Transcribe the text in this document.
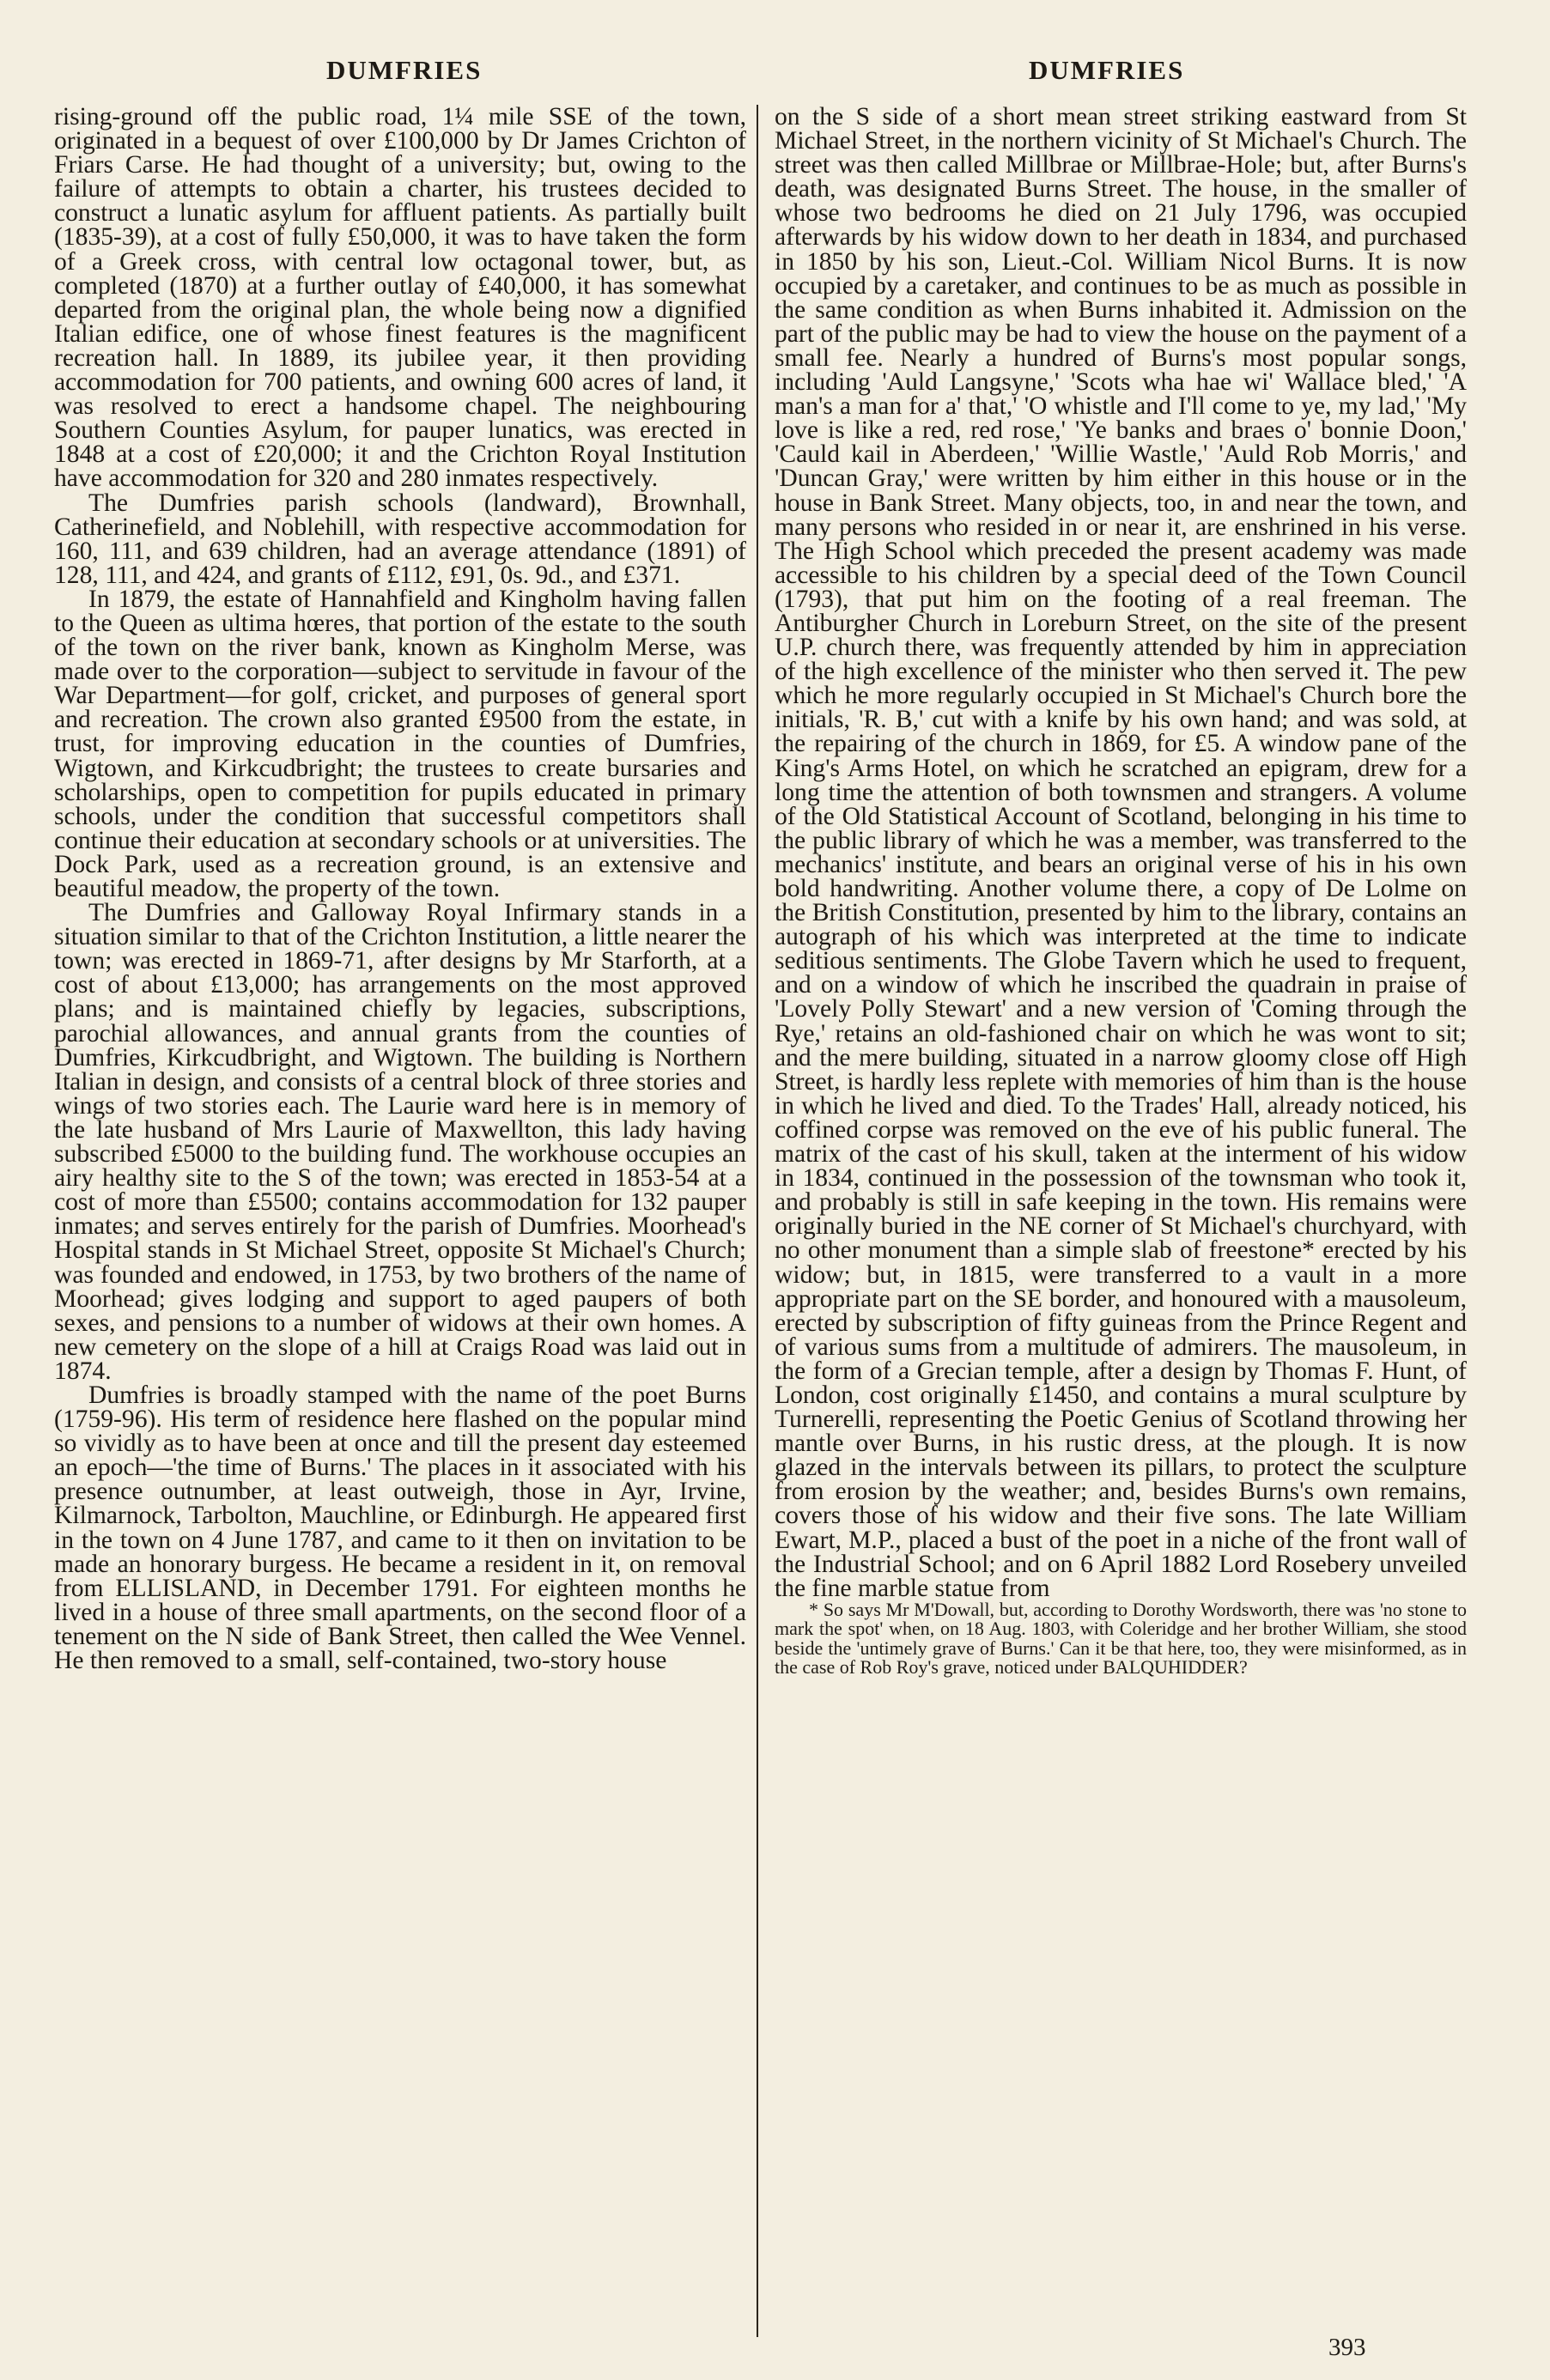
DUMFRIES	DUMFRIES

rising-ground off the public road, 1¼ mile SSE of the town, originated in a bequest of over £100,000 by Dr James Crichton of Friars Carse. He had thought of a university; but, owing to the failure of attempts to obtain a charter, his trustees decided to construct a lunatic asylum for affluent patients. As partially built (1835-39), at a cost of fully £50,000, it was to have taken the form of a Greek cross, with central low octagonal tower, but, as completed (1870) at a further outlay of £40,000, it has somewhat departed from the original plan, the whole being now a dignified Italian edifice, one of whose finest features is the magnificent recreation hall. In 1889, its jubilee year, it then providing accommodation for 700 patients, and owning 600 acres of land, it was resolved to erect a handsome chapel. The neighbouring Southern Counties Asylum, for pauper lunatics, was erected in 1848 at a cost of £20,000; it and the Crichton Royal Institution have accommodation for 320 and 280 inmates respectively.

The Dumfries parish schools (landward), Brownhall, Catherinefield, and Noblehill, with respective accommodation for 160, 111, and 639 children, had an average attendance (1891) of 128, 111, and 424, and grants of £112, £91, 0s. 9d., and £371.

In 1879, the estate of Hannahfield and Kingholm having fallen to the Queen as ultima hœres, that portion of the estate to the south of the town on the river bank, known as Kingholm Merse, was made over to the corporation—subject to servitude in favour of the War Department—for golf, cricket, and purposes of general sport and recreation. The crown also granted £9500 from the estate, in trust, for improving education in the counties of Dumfries, Wigtown, and Kirkcudbright; the trustees to create bursaries and scholarships, open to competition for pupils educated in primary schools, under the condition that successful competitors shall continue their education at secondary schools or at universities. The Dock Park, used as a recreation ground, is an extensive and beautiful meadow, the property of the town.

The Dumfries and Galloway Royal Infirmary stands in a situation similar to that of the Crichton Institution, a little nearer the town; was erected in 1869-71, after designs by Mr Starforth, at a cost of about £13,000; has arrangements on the most approved plans; and is maintained chiefly by legacies, subscriptions, parochial allowances, and annual grants from the counties of Dumfries, Kirkcudbright, and Wigtown. The building is Northern Italian in design, and consists of a central block of three stories and wings of two stories each. The Laurie ward here is in memory of the late husband of Mrs Laurie of Maxwellton, this lady having subscribed £5000 to the building fund. The workhouse occupies an airy healthy site to the S of the town; was erected in 1853-54 at a cost of more than £5500; contains accommodation for 132 pauper inmates; and serves entirely for the parish of Dumfries. Moorhead's Hospital stands in St Michael Street, opposite St Michael's Church; was founded and endowed, in 1753, by two brothers of the name of Moorhead; gives lodging and support to aged paupers of both sexes, and pensions to a number of widows at their own homes. A new cemetery on the slope of a hill at Craigs Road was laid out in 1874.

Dumfries is broadly stamped with the name of the poet Burns (1759-96). His term of residence here flashed on the popular mind so vividly as to have been at once and till the present day esteemed an epoch—'the time of Burns.' The places in it associated with his presence outnumber, at least outweigh, those in Ayr, Irvine, Kilmarnock, Tarbolton, Mauchline, or Edinburgh. He appeared first in the town on 4 June 1787, and came to it then on invitation to be made an honorary burgess. He became a resident in it, on removal from ELLISLAND, in December 1791. For eighteen months he lived in a house of three small apartments, on the second floor of a tenement on the N side of Bank Street, then called the Wee Vennel. He then removed to a small, self-contained, two-story house

on the S side of a short mean street striking eastward from St Michael Street, in the northern vicinity of St Michael's Church. The street was then called Millbrae or Millbrae-Hole; but, after Burns's death, was designated Burns Street. The house, in the smaller of whose two bedrooms he died on 21 July 1796, was occupied afterwards by his widow down to her death in 1834, and purchased in 1850 by his son, Lieut.-Col. William Nicol Burns. It is now occupied by a caretaker, and continues to be as much as possible in the same condition as when Burns inhabited it. Admission on the part of the public may be had to view the house on the payment of a small fee. Nearly a hundred of Burns's most popular songs, including 'Auld Langsyne,' 'Scots wha hae wi' Wallace bled,' 'A man's a man for a' that,' 'O whistle and I'll come to ye, my lad,' 'My love is like a red, red rose,' 'Ye banks and braes o' bonnie Doon,' 'Cauld kail in Aberdeen,' 'Willie Wastle,' 'Auld Rob Morris,' and 'Duncan Gray,' were written by him either in this house or in the house in Bank Street. Many objects, too, in and near the town, and many persons who resided in or near it, are enshrined in his verse. The High School which preceded the present academy was made accessible to his children by a special deed of the Town Council (1793), that put him on the footing of a real freeman. The Antiburgher Church in Loreburn Street, on the site of the present U.P. church there, was frequently attended by him in appreciation of the high excellence of the minister who then served it. The pew which he more regularly occupied in St Michael's Church bore the initials, 'R. B,' cut with a knife by his own hand; and was sold, at the repairing of the church in 1869, for £5. A window pane of the King's Arms Hotel, on which he scratched an epigram, drew for a long time the attention of both townsmen and strangers. A volume of the Old Statistical Account of Scotland, belonging in his time to the public library of which he was a member, was transferred to the mechanics' institute, and bears an original verse of his in his own bold handwriting. Another volume there, a copy of De Lolme on the British Constitution, presented by him to the library, contains an autograph of his which was interpreted at the time to indicate seditious sentiments. The Globe Tavern which he used to frequent, and on a window of which he inscribed the quadrain in praise of 'Lovely Polly Stewart' and a new version of 'Coming through the Rye,' retains an old-fashioned chair on which he was wont to sit; and the mere building, situated in a narrow gloomy close off High Street, is hardly less replete with memories of him than is the house in which he lived and died. To the Trades' Hall, already noticed, his coffined corpse was removed on the eve of his public funeral. The matrix of the cast of his skull, taken at the interment of his widow in 1834, continued in the possession of the townsman who took it, and probably is still in safe keeping in the town. His remains were originally buried in the NE corner of St Michael's churchyard, with no other monument than a simple slab of freestone* erected by his widow; but, in 1815, were transferred to a vault in a more appropriate part on the SE border, and honoured with a mausoleum, erected by subscription of fifty guineas from the Prince Regent and of various sums from a multitude of admirers. The mausoleum, in the form of a Grecian temple, after a design by Thomas F. Hunt, of London, cost originally £1450, and contains a mural sculpture by Turnerelli, representing the Poetic Genius of Scotland throwing her mantle over Burns, in his rustic dress, at the plough. It is now glazed in the intervals between its pillars, to protect the sculpture from erosion by the weather; and, besides Burns's own remains, covers those of his widow and their five sons. The late William Ewart, M.P., placed a bust of the poet in a niche of the front wall of the Industrial School; and on 6 April 1882 Lord Rosebery unveiled the fine marble statue from

* So says Mr M'Dowall, but, according to Dorothy Wordsworth, there was 'no stone to mark the spot' when, on 18 Aug. 1803, with Coleridge and her brother William, she stood beside the 'untimely grave of Burns.' Can it be that here, too, they were misinformed, as in the case of Rob Roy's grave, noticed under BALQUHIDDER?

393
